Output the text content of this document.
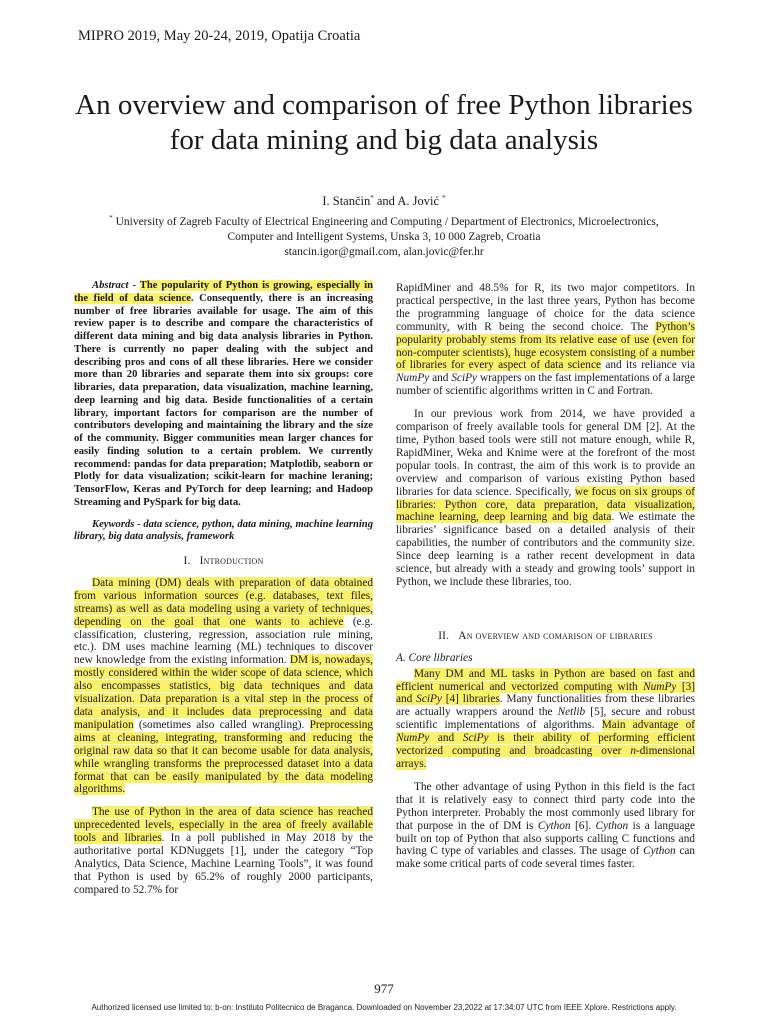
MIPRO 2019, May 20-24, 2019, Opatija Croatia
An overview and comparison of free Python libraries for data mining and big data analysis
I. Stančin* and A. Jović *
* University of Zagreb Faculty of Electrical Engineering and Computing / Department of Electronics, Microelectronics,
Computer and Intelligent Systems, Unska 3, 10 000 Zagreb, Croatia
stancin.igor@gmail.com, alan.jovic@fer.hr

Abstract - The popularity of Python is growing, especially in the field of data science. Consequently, there is an increasing number of free libraries available for usage. The aim of this review paper is to describe and compare the characteristics of different data mining and big data analysis libraries in Python. There is currently no paper dealing with the subject and describing pros and cons of all these libraries. Here we consider more than 20 libraries and separate them into six groups: core libraries, data preparation, data visualization, machine learning, deep learning and big data. Beside functionalities of a certain library, important factors for comparison are the number of contributors developing and maintaining the library and the size of the community. Bigger communities mean larger chances for easily finding solution to a certain problem. We currently recommend: pandas for data preparation; Matplotlib, seaborn or Plotly for data visualization; scikit-learn for machine leraning; TensorFlow, Keras and PyTorch for deep learning; and Hadoop Streaming and PySpark for big data.

Keywords - data science, python, data mining, machine learning library, big data analysis, framework

I. Introduction

Data mining (DM) deals with preparation of data obtained from various information sources (e.g. databases, text files, streams) as well as data modeling using a variety of techniques, depending on the goal that one wants to achieve (e.g. classification, clustering, regression, association rule mining, etc.). DM uses machine learning (ML) techniques to discover new knowledge from the existing information. DM is, nowadays, mostly considered within the wider scope of data science, which also encompasses statistics, big data techniques and data visualization. Data preparation is a vital step in the process of data analysis, and it includes data preprocessing and data manipulation (sometimes also called wrangling). Preprocessing aims at cleaning, integrating, transforming and reducing the original raw data so that it can become usable for data analysis, while wrangling transforms the preprocessed dataset into a data format that can be easily manipulated by the data modeling algorithms.

The use of Python in the area of data science has reached unprecedented levels, especially in the area of freely available tools and libraries. In a poll published in May 2018 by the authoritative portal KDNuggets [1], under the category “Top Analytics, Data Science, Machine Learning Tools”, it was found that Python is used by 65.2% of roughly 2000 participants, compared to 52.7% for

RapidMiner and 48.5% for R, its two major competitors. In practical perspective, in the last three years, Python has become the programming language of choice for the data science community, with R being the second choice. The Python’s popularity probably stems from its relative ease of use (even for non-computer scientists), huge ecosystem consisting of a number of libraries for every aspect of data science and its reliance via NumPy and SciPy wrappers on the fast implementations of a large number of scientific algorithms written in C and Fortran.

In our previous work from 2014, we have provided a comparison of freely available tools for general DM [2]. At the time, Python based tools were still not mature enough, while R, RapidMiner, Weka and Knime were at the forefront of the most popular tools. In contrast, the aim of this work is to provide an overview and comparison of various existing Python based libraries for data science. Specifically, we focus on six groups of libraries: Python core, data preparation, data visualization, machine learning, deep learning and big data. We estimate the libraries’ significance based on a detailed analysis of their capabilities, the number of contributors and the community size. Since deep learning is a rather recent development in data science, but already with a steady and growing tools’ support in Python, we include these libraries, too.

II. An overview and comarison of libraries
A. Core libraries

Many DM and ML tasks in Python are based on fast and efficient numerical and vectorized computing with NumPy [3] and SciPy [4] libraries. Many functionalities from these libraries are actually wrappers around the Netlib [5], secure and robust scientific implementations of algorithms. Main advantage of NumPy and SciPy is their ability of performing efficient vectorized computing and broadcasting over n-dimensional arrays.

The other advantage of using Python in this field is the fact that it is relatively easy to connect third party code into the Python interpreter. Probably the most commonly used library for that purpose in the of DM is Cython [6]. Cython is a language built on top of Python that also supports calling C functions and having C type of variables and classes. The usage of Cython can make some critical parts of code several times faster.

977
Authorized licensed use limited to: b-on: Instituto Politecnico de Braganca. Downloaded on November 23,2022 at 17:34:07 UTC from IEEE Xplore. Restrictions apply.
